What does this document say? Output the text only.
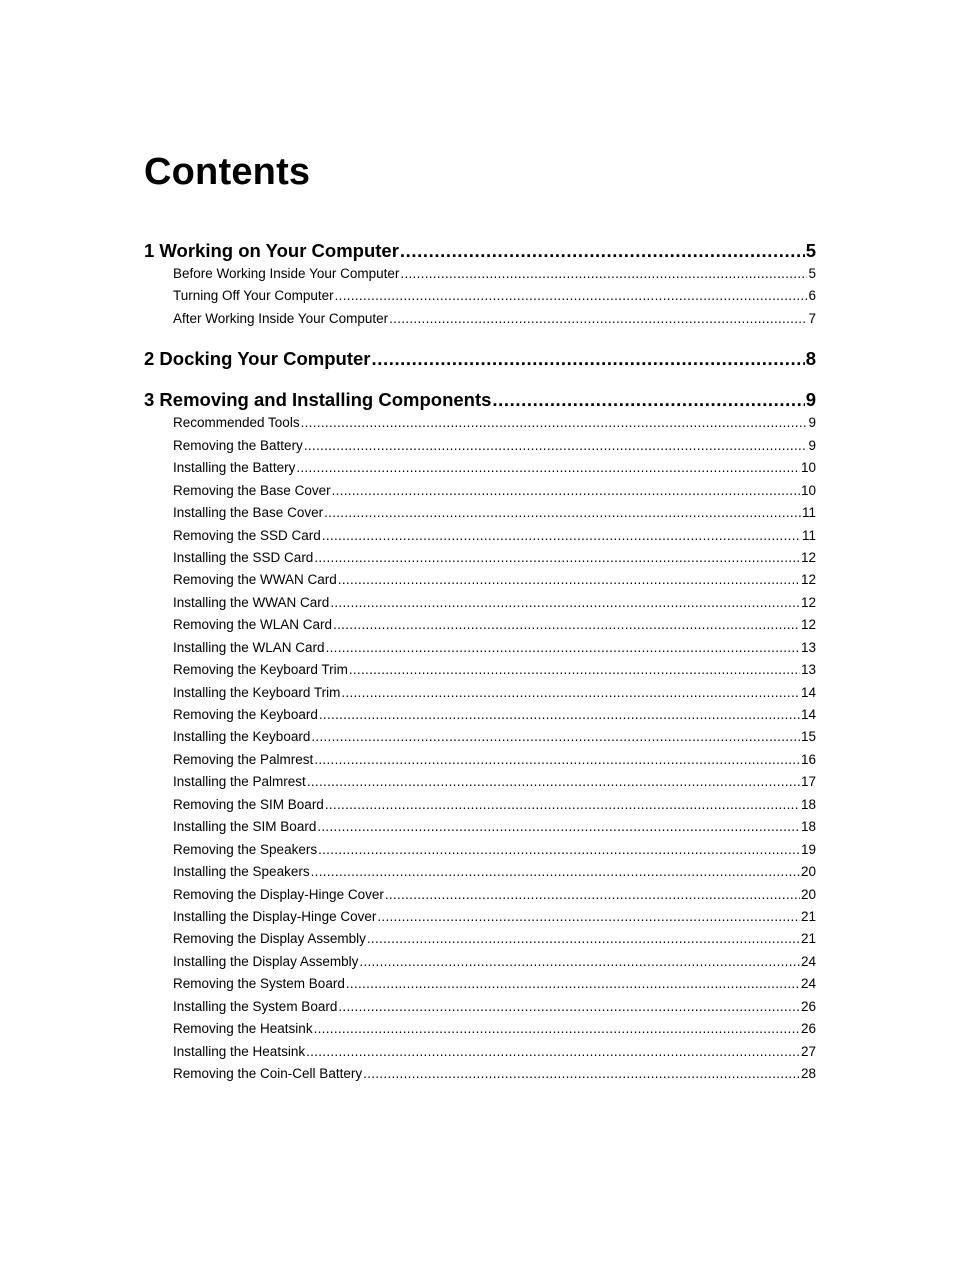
Contents
1 Working on Your Computer .....	5
Before Working Inside Your Computer .....	5
Turning Off Your Computer .....	6
After Working Inside Your Computer .....	7
2 Docking Your Computer .....	8
3 Removing and Installing Components .....	9
Recommended Tools .....	9
Removing the Battery .....	9
Installing the Battery .....	10
Removing the Base Cover .....	10
Installing the Base Cover .....	11
Removing the SSD Card .....	11
Installing the SSD Card .....	12
Removing the WWAN Card .....	12
Installing the WWAN Card .....	12
Removing the WLAN Card .....	12
Installing the WLAN Card .....	13
Removing the Keyboard Trim .....	13
Installing the Keyboard Trim .....	14
Removing the Keyboard .....	14
Installing the Keyboard .....	15
Removing the Palmrest .....	16
Installing the Palmrest .....	17
Removing the SIM Board .....	18
Installing the SIM Board .....	18
Removing the Speakers .....	19
Installing the Speakers .....	20
Removing the Display-Hinge Cover .....	20
Installing the Display-Hinge Cover .....	21
Removing the Display Assembly .....	21
Installing the Display Assembly .....	24
Removing the System Board .....	24
Installing the System Board .....	26
Removing the Heatsink .....	26
Installing the Heatsink .....	27
Removing the Coin-Cell Battery .....	28
